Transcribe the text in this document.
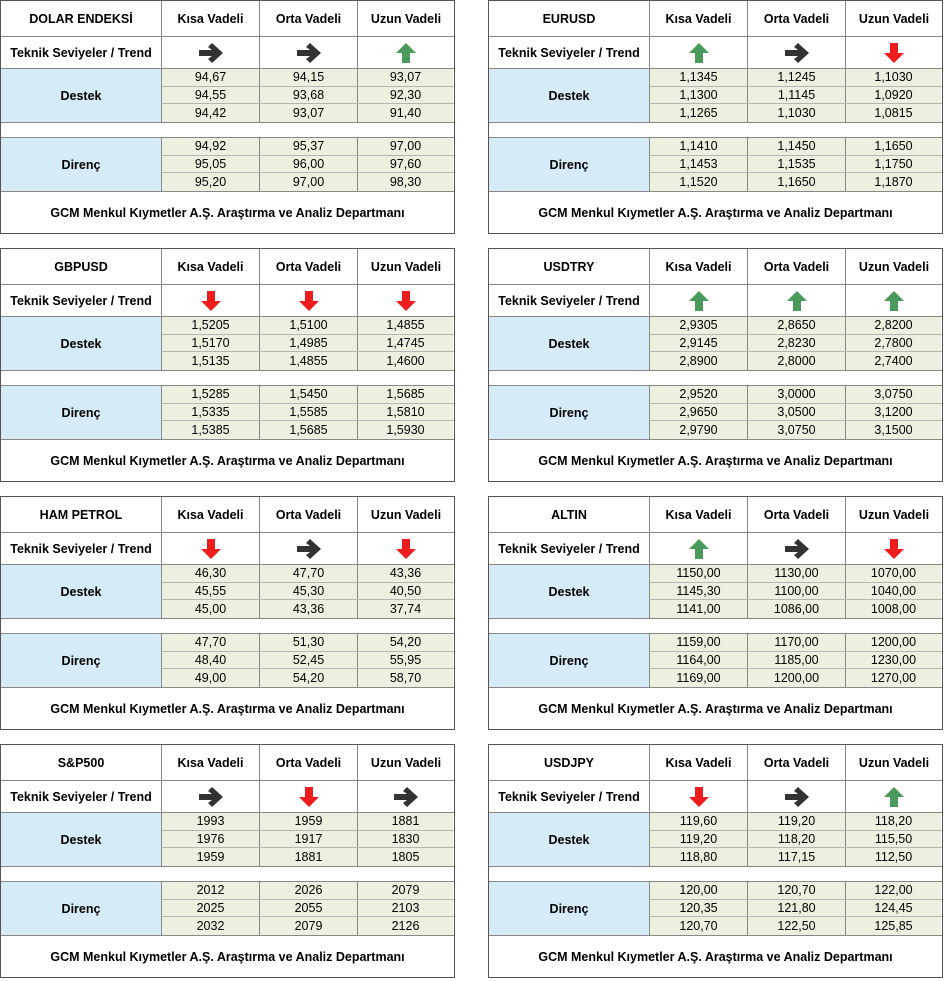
DOLAR ENDEKSİ	Kısa Vadeli	Orta Vadeli	Uzun Vadeli
Teknik Seviyeler / Trend
Destek
94,67	94,15	93,07
94,55	93,68	92,30
94,42	93,07	91,40
Direnç
94,92	95,37	97,00
95,05	96,00	97,60
95,20	97,00	98,30
GCM Menkul Kıymetler A.Ş. Araştırma ve Analiz Departmanı
EURUSD	Kısa Vadeli	Orta Vadeli	Uzun Vadeli
Teknik Seviyeler / Trend
Destek
1,1345	1,1245	1,1030
1,1300	1,1145	1,0920
1,1265	1,1030	1,0815
Direnç
1,1410	1,1450	1,1650
1,1453	1,1535	1,1750
1,1520	1,1650	1,1870
GCM Menkul Kıymetler A.Ş. Araştırma ve Analiz Departmanı
GBPUSD	Kısa Vadeli	Orta Vadeli	Uzun Vadeli
Teknik Seviyeler / Trend
Destek
1,5205	1,5100	1,4855
1,5170	1,4985	1,4745
1,5135	1,4855	1,4600
Direnç
1,5285	1,5450	1,5685
1,5335	1,5585	1,5810
1,5385	1,5685	1,5930
GCM Menkul Kıymetler A.Ş. Araştırma ve Analiz Departmanı
USDTRY	Kısa Vadeli	Orta Vadeli	Uzun Vadeli
Teknik Seviyeler / Trend
Destek
2,9305	2,8650	2,8200
2,9145	2,8230	2,7800
2,8900	2,8000	2,7400
Direnç
2,9520	3,0000	3,0750
2,9650	3,0500	3,1200
2,9790	3,0750	3,1500
GCM Menkul Kıymetler A.Ş. Araştırma ve Analiz Departmanı
HAM PETROL	Kısa Vadeli	Orta Vadeli	Uzun Vadeli
Teknik Seviyeler / Trend
Destek
46,30	47,70	43,36
45,55	45,30	40,50
45,00	43,36	37,74
Direnç
47,70	51,30	54,20
48,40	52,45	55,95
49,00	54,20	58,70
GCM Menkul Kıymetler A.Ş. Araştırma ve Analiz Departmanı
ALTIN	Kısa Vadeli	Orta Vadeli	Uzun Vadeli
Teknik Seviyeler / Trend
Destek
1150,00	1130,00	1070,00
1145,30	1100,00	1040,00
1141,00	1086,00	1008,00
Direnç
1159,00	1170,00	1200,00
1164,00	1185,00	1230,00
1169,00	1200,00	1270,00
GCM Menkul Kıymetler A.Ş. Araştırma ve Analiz Departmanı
S&P500	Kısa Vadeli	Orta Vadeli	Uzun Vadeli
Teknik Seviyeler / Trend
Destek
1993	1959	1881
1976	1917	1830
1959	1881	1805
Direnç
2012	2026	2079
2025	2055	2103
2032	2079	2126
GCM Menkul Kıymetler A.Ş. Araştırma ve Analiz Departmanı
USDJPY	Kısa Vadeli	Orta Vadeli	Uzun Vadeli
Teknik Seviyeler / Trend
Destek
119,60	119,20	118,20
119,20	118,20	115,50
118,80	117,15	112,50
Direnç
120,00	120,70	122,00
120,35	121,80	124,45
120,70	122,50	125,85
GCM Menkul Kıymetler A.Ş. Araştırma ve Analiz Departmanı
